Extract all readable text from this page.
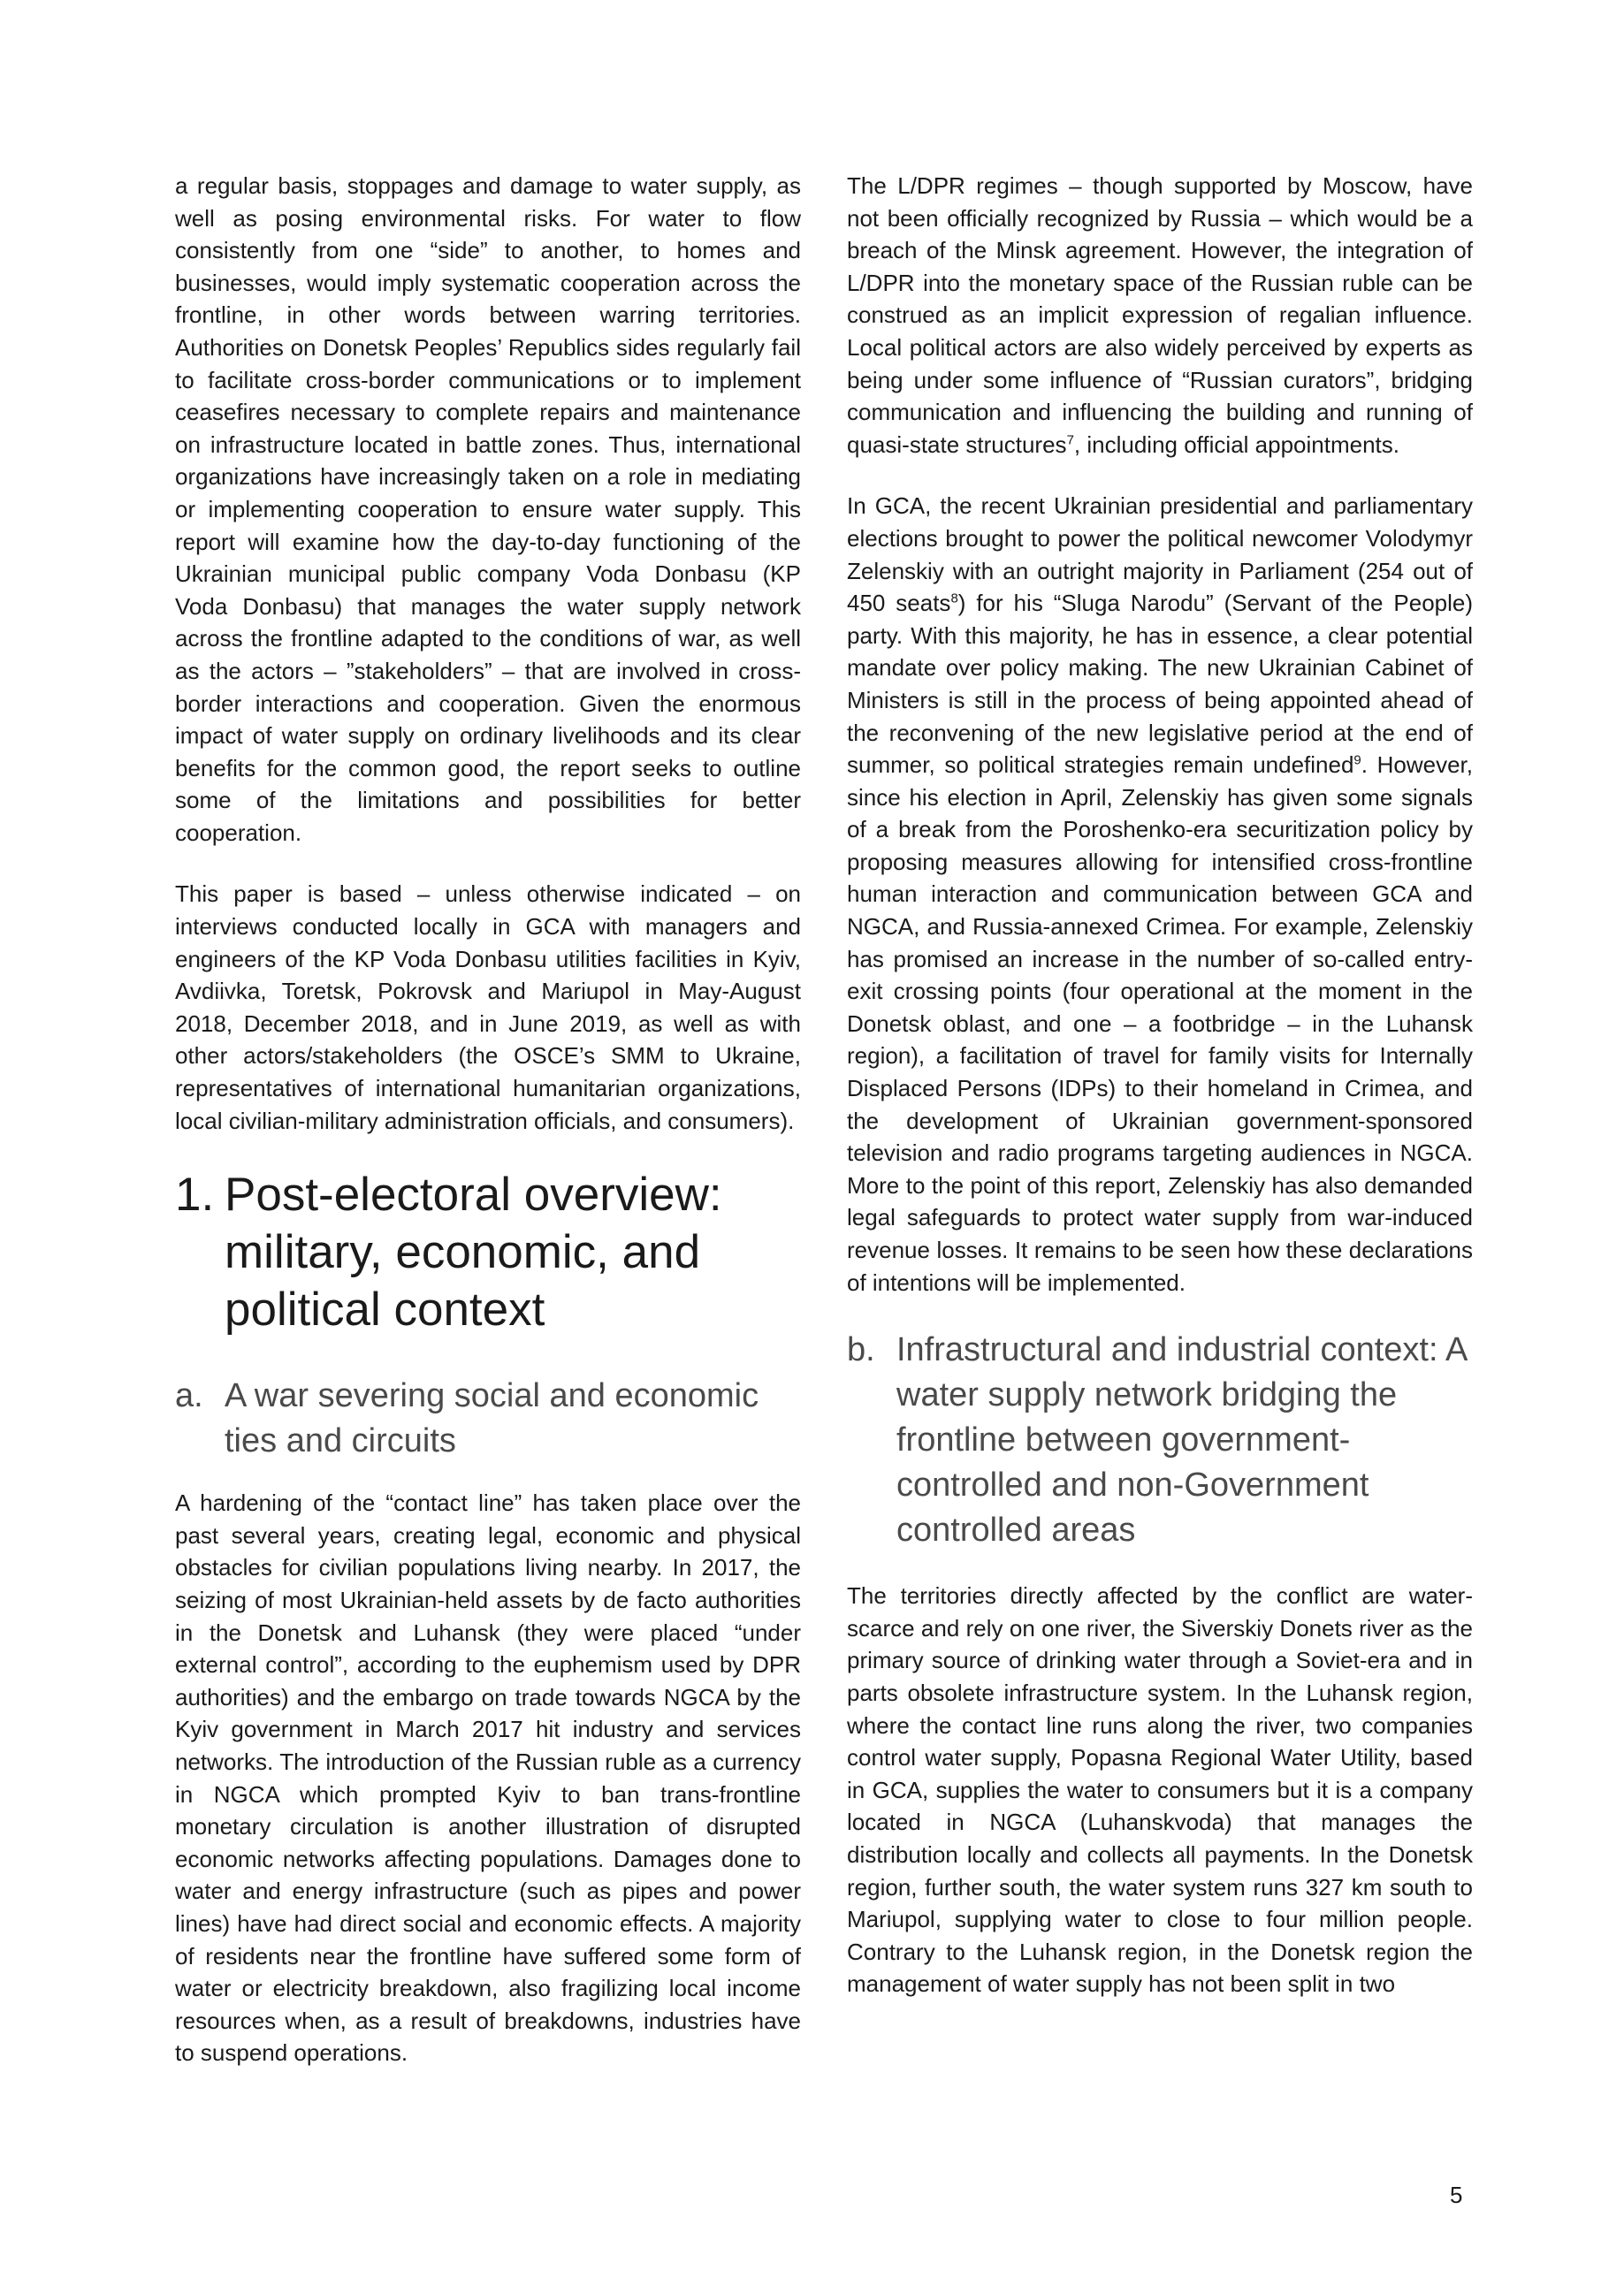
a regular basis, stoppages and damage to water supply, as well as posing environmental risks. For water to flow consistently from one “side” to another, to homes and businesses, would imply systematic cooperation across the frontline, in other words between warring territories. Authorities on Donetsk Peoples’ Republics sides regularly fail to facilitate cross-border communications or to implement ceasefires necessary to complete repairs and maintenance on infrastructure located in battle zones. Thus, international organizations have increasingly taken on a role in mediating or implementing cooperation to ensure water supply. This report will examine how the day-to-day functioning of the Ukrainian municipal public company Voda Donbasu (KP Voda Donbasu) that manages the water supply network across the frontline adapted to the conditions of war, as well as the actors – ”stakeholders” – that are involved in cross-border interactions and cooperation. Given the enormous impact of water supply on ordinary livelihoods and its clear benefits for the common good, the report seeks to outline some of the limitations and possibilities for better cooperation.

This paper is based – unless otherwise indicated – on interviews conducted locally in GCA with managers and engineers of the KP Voda Donbasu utilities facilities in Kyiv, Avdiivka, Toretsk, Pokrovsk and Mariupol in May-August 2018, December 2018, and in June 2019, as well as with other actors/stakeholders (the OSCE’s SMM to Ukraine, representatives of international humanitarian organizations, local civilian-military administration officials, and consumers).

1. Post-electoral overview: military, economic, and political context
a. A war severing social and economic ties and circuits

A hardening of the “contact line” has taken place over the past several years, creating legal, economic and physical obstacles for civilian populations living nearby. In 2017, the seizing of most Ukrainian-held assets by de facto authorities in the Donetsk and Luhansk (they were placed “under external control”, according to the euphemism used by DPR authorities) and the embargo on trade towards NGCA by the Kyiv government in March 2017 hit industry and services networks. The introduction of the Russian ruble as a currency in NGCA which prompted Kyiv to ban trans-frontline monetary circulation is another illustration of disrupted economic networks affecting populations. Damages done to water and energy infrastructure (such as pipes and power lines) have had direct social and economic effects. A majority of residents near the frontline have suffered some form of water or electricity breakdown, also fragilizing local income resources when, as a result of breakdowns, industries have to suspend operations.

The L/DPR regimes – though supported by Moscow, have not been officially recognized by Russia – which would be a breach of the Minsk agreement. However, the integration of L/DPR into the monetary space of the Russian ruble can be construed as an implicit expression of regalian influence. Local political actors are also widely perceived by experts as being under some influence of “Russian curators”, bridging communication and influencing the building and running of quasi-state structures$^7$, including official appointments.

In GCA, the recent Ukrainian presidential and parliamentary elections brought to power the political newcomer Volodymyr Zelenskiy with an outright majority in Parliament (254 out of 450 seats$^8$) for his “Sluga Narodu” (Servant of the People) party. With this majority, he has in essence, a clear potential mandate over policy making. The new Ukrainian Cabinet of Ministers is still in the process of being appointed ahead of the reconvening of the new legislative period at the end of summer, so political strategies remain undefined$^9$. However, since his election in April, Zelenskiy has given some signals of a break from the Poroshenko-era securitization policy by proposing measures allowing for intensified cross-frontline human interaction and communication between GCA and NGCA, and Russia-annexed Crimea. For example, Zelenskiy has promised an increase in the number of so-called entry-exit crossing points (four operational at the moment in the Donetsk oblast, and one – a footbridge – in the Luhansk region), a facilitation of travel for family visits for Internally Displaced Persons (IDPs) to their homeland in Crimea, and the development of Ukrainian government-sponsored television and radio programs targeting audiences in NGCA. More to the point of this report, Zelenskiy has also demanded legal safeguards to protect water supply from war-induced revenue losses. It remains to be seen how these declarations of intentions will be implemented.

b. Infrastructural and industrial context: A water supply network bridging the frontline between government-controlled and non-Government controlled areas

The territories directly affected by the conflict are water-scarce and rely on one river, the Siverskiy Donets river as the primary source of drinking water through a Soviet-era and in parts obsolete infrastructure system. In the Luhansk region, where the contact line runs along the river, two companies control water supply, Popasna Regional Water Utility, based in GCA, supplies the water to consumers but it is a company located in NGCA (Luhanskvoda) that manages the distribution locally and collects all payments. In the Donetsk region, further south, the water system runs 327 km south to Mariupol, supplying water to close to four million people. Contrary to the Luhansk region, in the Donetsk region the management of water supply has not been split in two

5
